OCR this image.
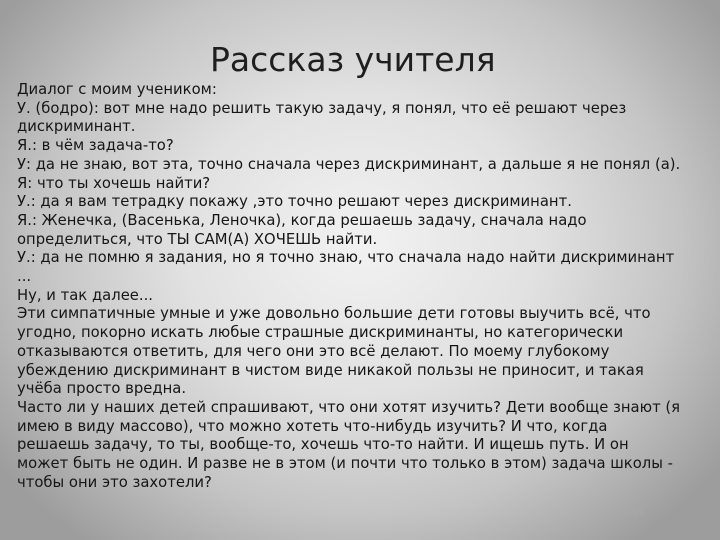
Рассказ учителя
Диалог с моим учеником:
У. (бодро): вот мне надо решить такую задачу, я понял, что её решают через
дискриминант.
Я.: в чём задача-то?
У: да не знаю, вот эта, точно сначала через дискриминант, а дальше я не понял (а).
Я: что ты хочешь найти?
У.: да я вам тетрадку покажу ,это точно решают через дискриминант.
Я.: Женечка, (Васенька, Леночка), когда решаешь задачу, сначала надо
определиться, что ТЫ САМ(А) ХОЧЕШЬ найти.
У.: да не помню я задания, но я точно знаю, что сначала надо найти дискриминант
...
Ну, и так далее...
Эти симпатичные умные и уже довольно большие дети готовы выучить всё, что
угодно, покорно искать любые страшные дискриминанты, но категорически
отказываются ответить, для чего они это всё делают. По моему глубокому
убеждению дискриминант в чистом виде никакой пользы не приносит, и такая
учёба просто вредна.
Часто ли у наших детей спрашивают, что они хотят изучить? Дети вообще знают (я
имею в виду массово), что можно хотеть что-нибудь изучить? И что, когда
решаешь задачу, то ты, вообще-то, хочешь что-то найти. И ищешь путь. И он
может быть не один. И разве не в этом (и почти что только в этом) задача школы -
чтобы они это захотели?
9/15
